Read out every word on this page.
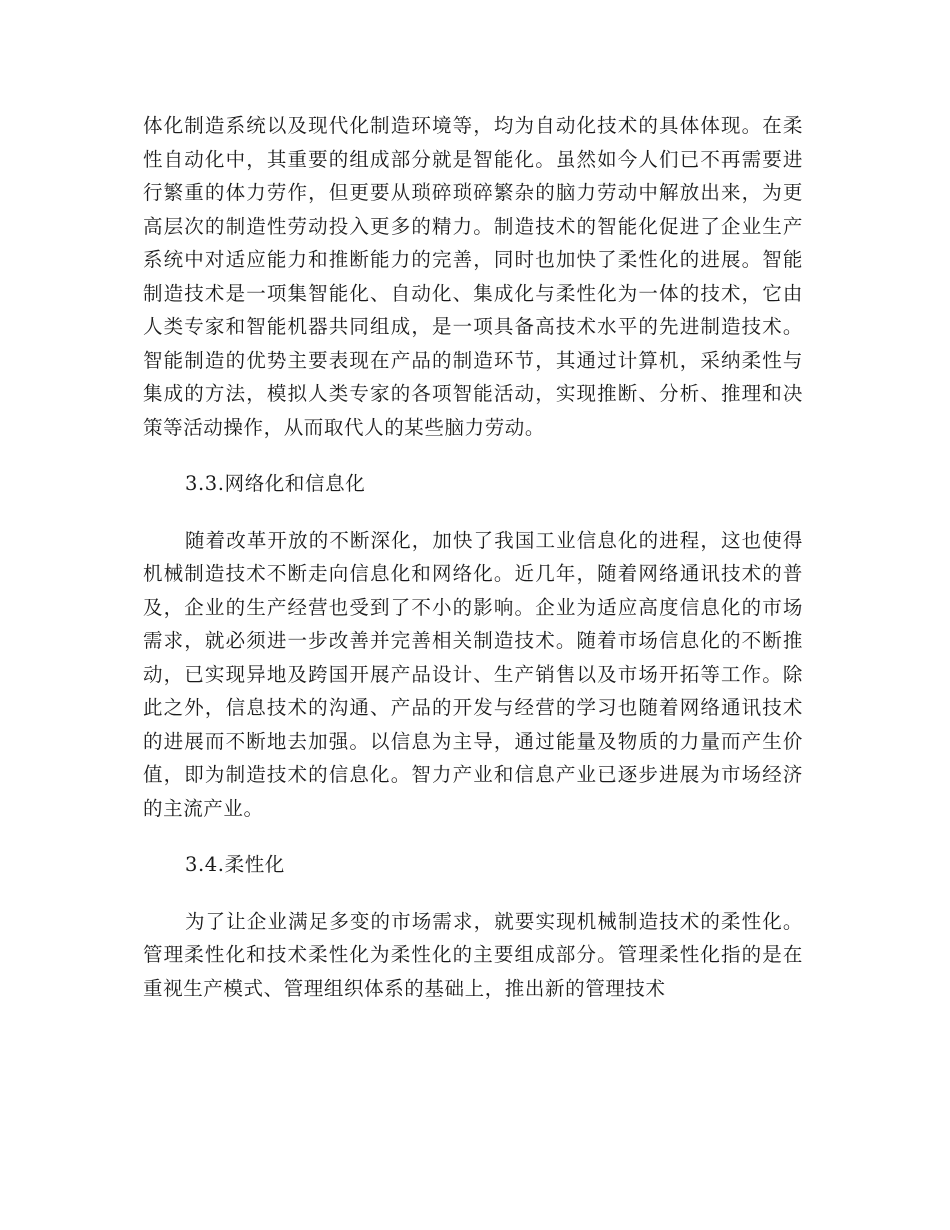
体化制造系统以及现代化制造环境等，均为自动化技术的具体体现。在柔性自动化中，其重要的组成部分就是智能化。虽然如今人们已不再需要进行繁重的体力劳作，但更要从琐碎琐碎繁杂的脑力劳动中解放出来，为更高层次的制造性劳动投入更多的精力。制造技术的智能化促进了企业生产系统中对适应能力和推断能力的完善，同时也加快了柔性化的进展。智能制造技术是一项集智能化、自动化、集成化与柔性化为一体的技术，它由人类专家和智能机器共同组成，是一项具备高技术水平的先进制造技术。智能制造的优势主要表现在产品的制造环节，其通过计算机，采纳柔性与集成的方法，模拟人类专家的各项智能活动，实现推断、分析、推理和决策等活动操作，从而取代人的某些脑力劳动。

3.3.网络化和信息化

随着改革开放的不断深化，加快了我国工业信息化的进程，这也使得机械制造技术不断走向信息化和网络化。近几年，随着网络通讯技术的普及，企业的生产经营也受到了不小的影响。企业为适应高度信息化的市场需求，就必须进一步改善并完善相关制造技术。随着市场信息化的不断推动，已实现异地及跨国开展产品设计、生产销售以及市场开拓等工作。除此之外，信息技术的沟通、产品的开发与经营的学习也随着网络通讯技术的进展而不断地去加强。以信息为主导，通过能量及物质的力量而产生价值，即为制造技术的信息化。智力产业和信息产业已逐步进展为市场经济的主流产业。

3.4.柔性化

为了让企业满足多变的市场需求，就要实现机械制造技术的柔性化。管理柔性化和技术柔性化为柔性化的主要组成部分。管理柔性化指的是在重视生产模式、管理组织体系的基础上，推出新的管理技术
